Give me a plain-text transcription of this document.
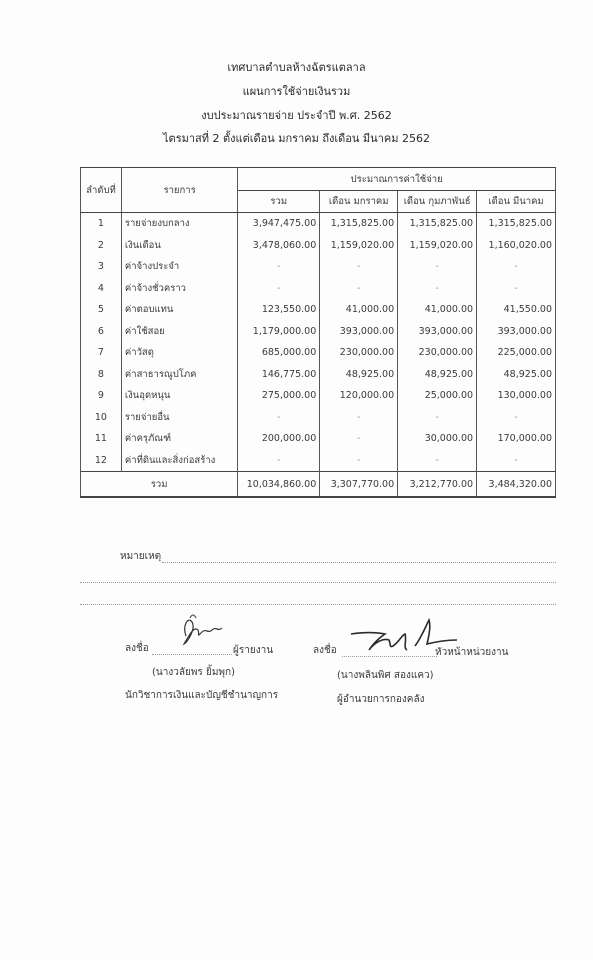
เทศบาลตำบลห้างฉัตรแตลาล
แผนการใช้จ่ายเงินรวม
งบประมาณรายจ่าย ประจำปี พ.ศ. 2562
ไตรมาสที่ 2 ตั้งแต่เดือน มกราคม ถึงเดือน มีนาคม 2562
ลำดับที่	รายการ	ประมาณการค่าใช้จ่าย			
		รวม	เดือน มกราคม	เดือน กุมภาพันธ์	เดือน มีนาคม
1	รายจ่ายงบกลาง	3,947,475.00	1,315,825.00	1,315,825.00	1,315,825.00
2	เงินเดือน	3,478,060.00	1,159,020.00	1,159,020.00	1,160,020.00
3	ค่าจ้างประจำ	-	-	-	-
4	ค่าจ้างชั่วคราว	-	-	-	-
5	ค่าตอบแทน	123,550.00	41,000.00	41,000.00	41,550.00
6	ค่าใช้สอย	1,179,000.00	393,000.00	393,000.00	393,000.00
7	ค่าวัสดุ	685,000.00	230,000.00	230,000.00	225,000.00
8	ค่าสาธารณูปโภค	146,775.00	48,925.00	48,925.00	48,925.00
9	เงินอุดหนุน	275,000.00	120,000.00	25,000.00	130,000.00
10	รายจ่ายอื่น	-	-	-	-
11	ค่าครุภัณฑ์	200,000.00	-	30,000.00	170,000.00
12	ค่าที่ดินและสิ่งก่อสร้าง	-	-	-	-
รวม		10,034,860.00	3,307,770.00	3,212,770.00	3,484,320.00
หมายเหตุ
ลงชื่อ	ผู้รายงาน
(นางวลัยพร ยิ้มพุก)
นักวิชาการเงินและบัญชีชำนาญการ
ลงชื่อ	หัวหน้าหน่วยงาน
(นางพลินพิศ สองแคว)
ผู้อำนวยการกองคลัง
